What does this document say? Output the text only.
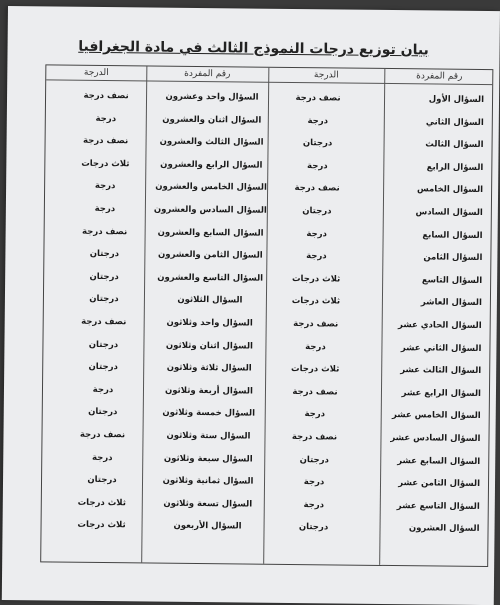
بيان توزيع درجات النموذج الثالث في مادة الجغرافيا
رقم المفردة
الدرجة
رقم المفردة
الدرجة
السؤال الأول
نصف درجة
السؤال واحد وعشرون
نصف درجة
السؤال الثاني
درجة
السؤال اثنان والعشرون
درجة
السؤال الثالث
درجتان
السؤال الثالث والعشرون
نصف درجة
السؤال الرابع
درجة
السؤال الرابع والعشرون
ثلاث درجات
السؤال الخامس
نصف درجة
السؤال الخامس والعشرون
درجة
السؤال السادس
درجتان
السؤال السادس والعشرون
درجة
السؤال السابع
درجة
السؤال السابع والعشرون
نصف درجة
السؤال الثامن
درجة
السؤال الثامن والعشرون
درجتان
السؤال التاسع
ثلاث درجات
السؤال التاسع والعشرون
درجتان
السؤال العاشر
ثلاث درجات
السؤال الثلاثون
درجتان
السؤال الحادي عشر
نصف درجة
السؤال واحد وثلاثون
نصف درجة
السؤال الثاني عشر
درجة
السؤال اثنان وثلاثون
درجتان
السؤال الثالث عشر
ثلاث درجات
السؤال ثلاثة وثلاثون
درجتان
السؤال الرابع عشر
نصف درجة
السؤال أربعة وثلاثون
درجة
السؤال الخامس عشر
درجة
السؤال خمسة وثلاثون
درجتان
السؤال السادس عشر
نصف درجة
السؤال ستة وثلاثون
نصف درجة
السؤال السابع عشر
درجتان
السؤال سبعة وثلاثون
درجة
السؤال الثامن عشر
درجة
السؤال ثمانية وثلاثون
درجتان
السؤال التاسع عشر
درجة
السؤال تسعة وثلاثون
ثلاث درجات
السؤال العشرون
درجتان
السؤال الأربعون
ثلاث درجات
